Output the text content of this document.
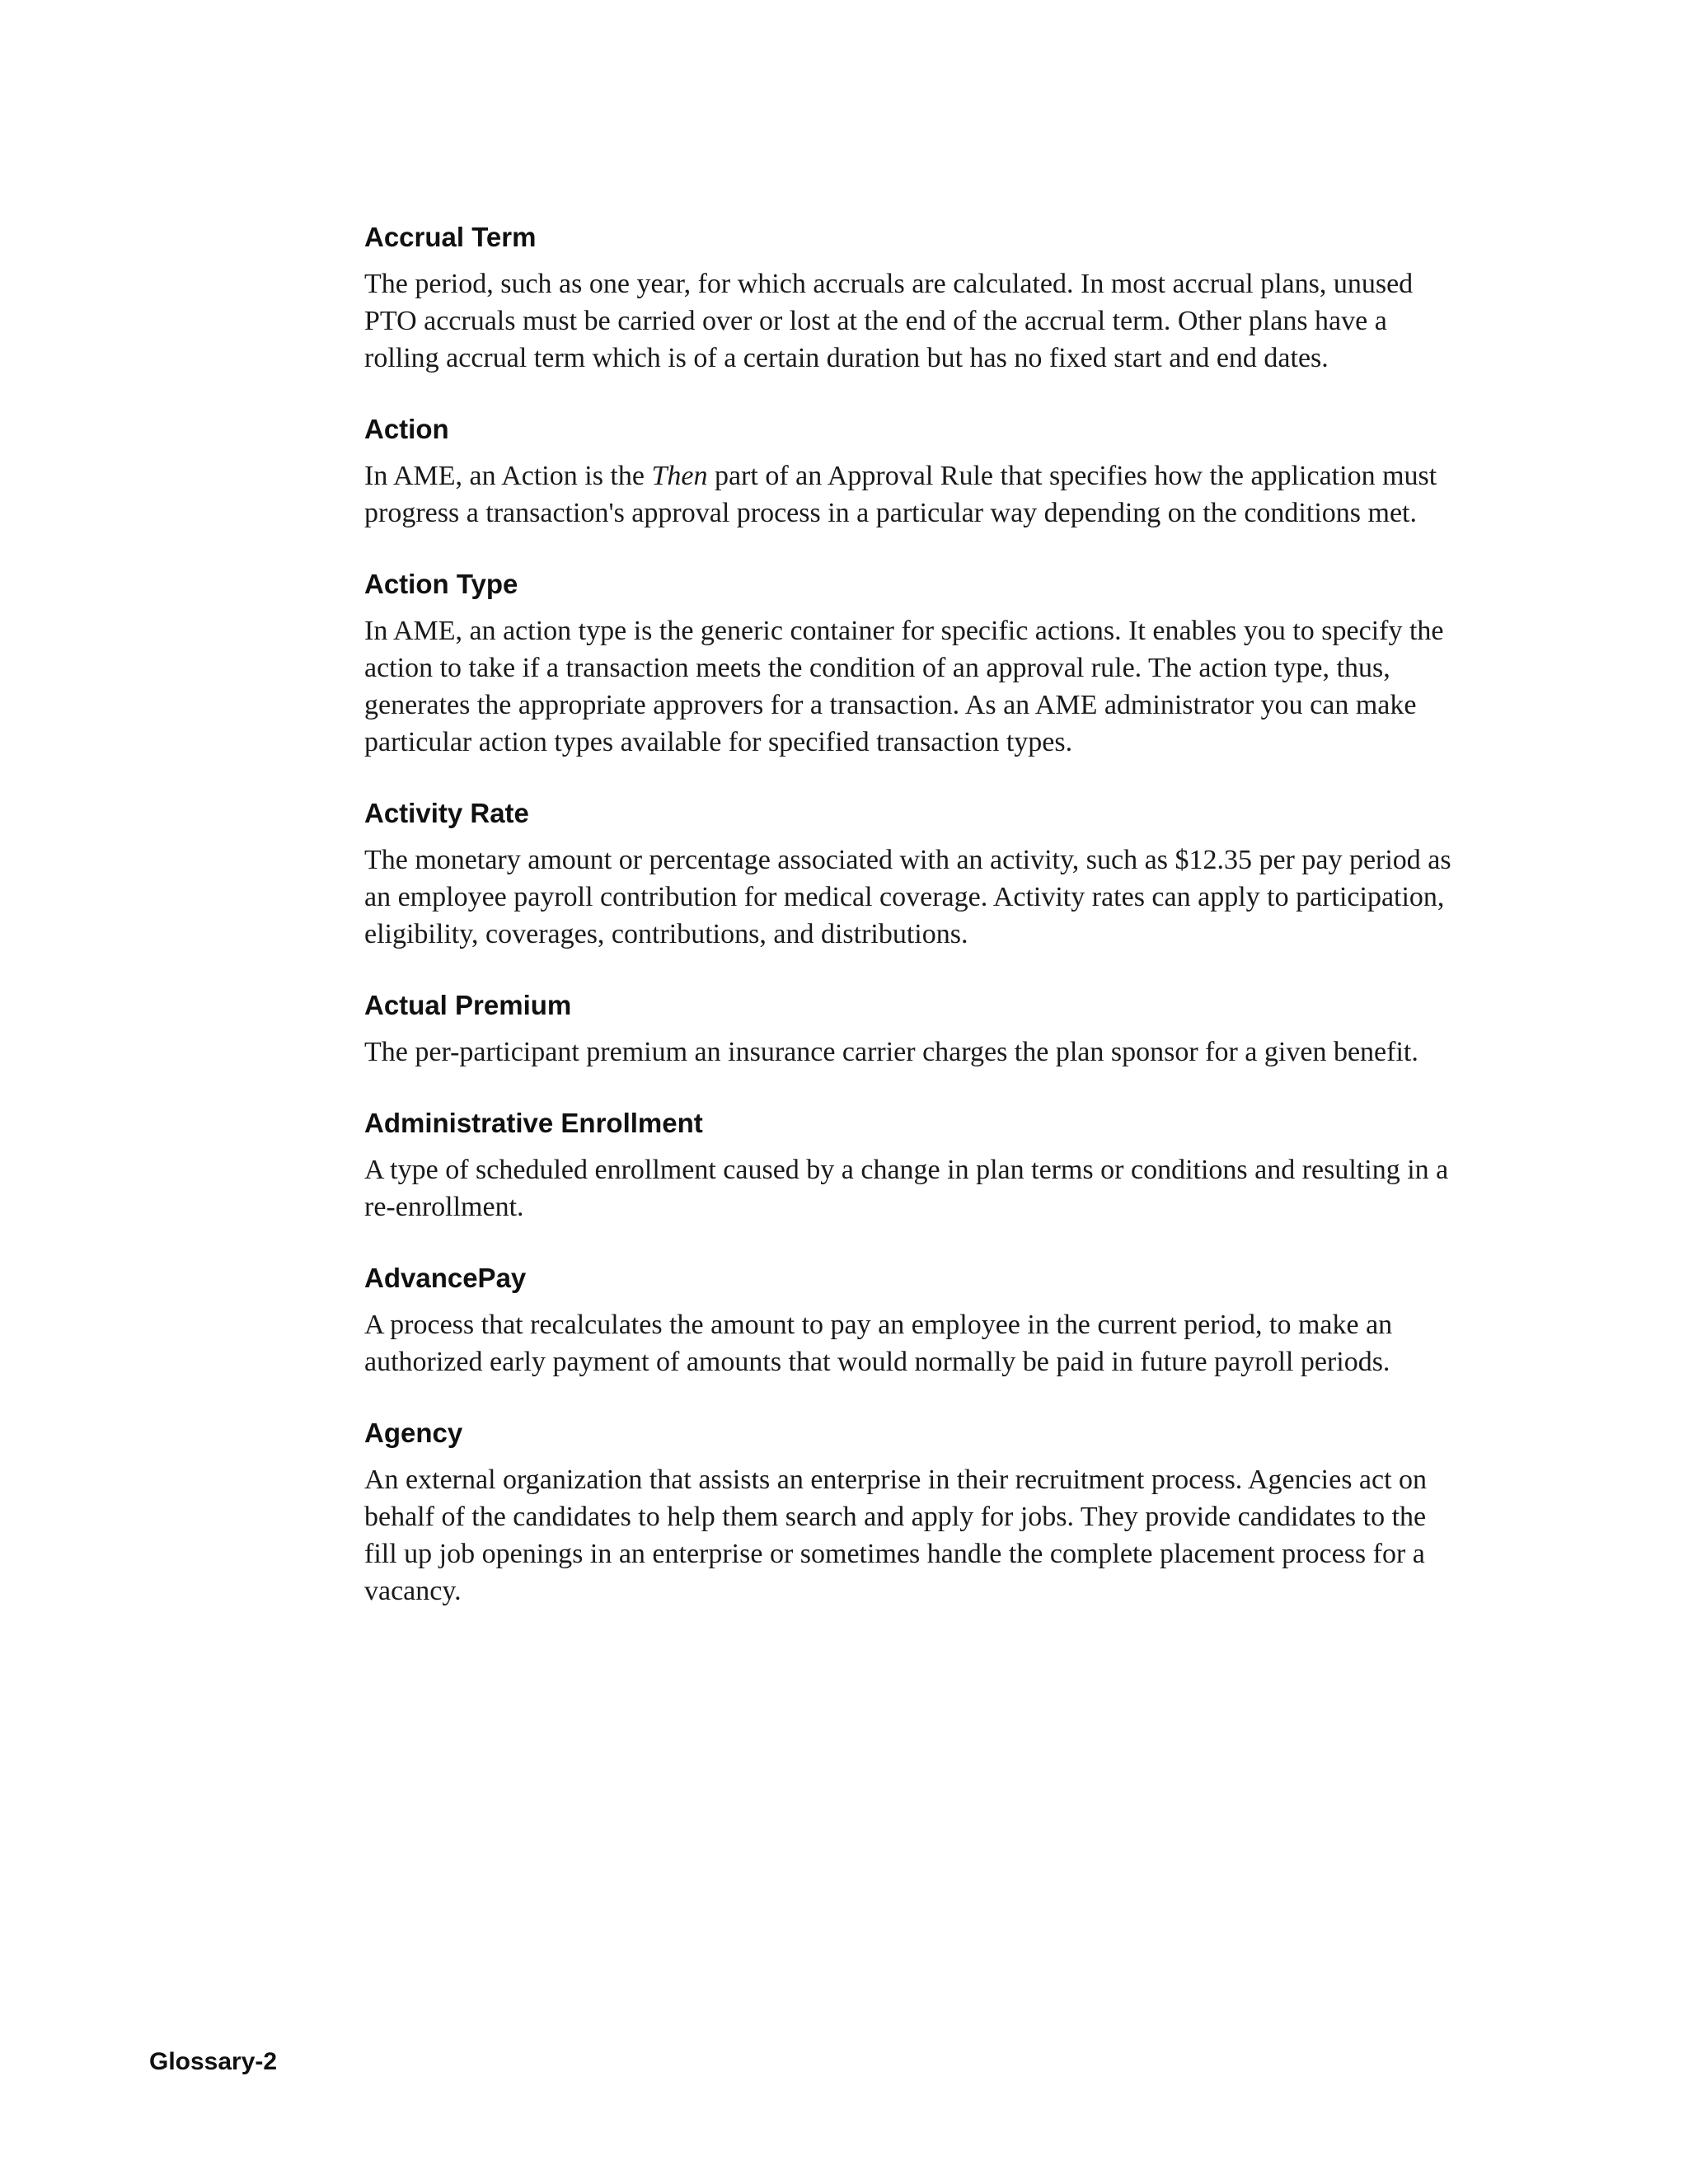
Accrual Term

The period, such as one year, for which accruals are calculated. In most accrual plans, unused PTO accruals must be carried over or lost at the end of the accrual term. Other plans have a rolling accrual term which is of a certain duration but has no fixed start and end dates.

Action

In AME, an Action is the Then part of an Approval Rule that specifies how the application must progress a transaction's approval process in a particular way depending on the conditions met.

Action Type

In AME, an action type is the generic container for specific actions. It enables you to specify the action to take if a transaction meets the condition of an approval rule. The action type, thus, generates the appropriate approvers for a transaction. As an AME administrator you can make particular action types available for specified transaction types.

Activity Rate

The monetary amount or percentage associated with an activity, such as $12.35 per pay period as an employee payroll contribution for medical coverage. Activity rates can apply to participation, eligibility, coverages, contributions, and distributions.

Actual Premium

The per-participant premium an insurance carrier charges the plan sponsor for a given benefit.

Administrative Enrollment

A type of scheduled enrollment caused by a change in plan terms or conditions and resulting in a re-enrollment.

AdvancePay

A process that recalculates the amount to pay an employee in the current period, to make an authorized early payment of amounts that would normally be paid in future payroll periods.

Agency

An external organization that assists an enterprise in their recruitment process. Agencies act on behalf of the candidates to help them search and apply for jobs. They provide candidates to the fill up job openings in an enterprise or sometimes handle the complete placement process for a vacancy.

Glossary-2
